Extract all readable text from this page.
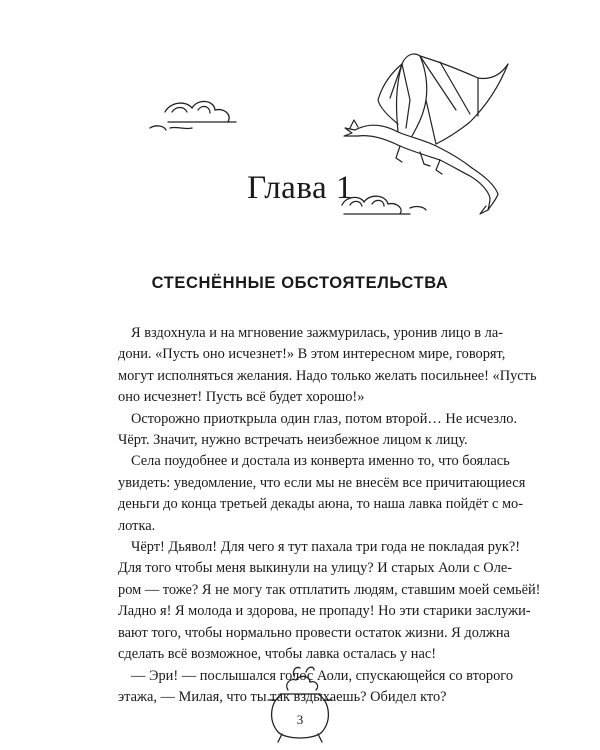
Глава 1
СТЕСНЁННЫЕ ОБСТОЯТЕЛЬСТВА

Я вздохнула и на мгновение зажмурилась, уронив лицо в ла-
дони. «Пусть оно исчезнет!» В этом интересном мире, говорят,
могут исполняться желания. Надо только желать посильнее! «Пусть
оно исчезнет! Пусть всё будет хорошо!»

Осторожно приоткрыла один глаз, потом второй… Не исчезло.
Чёрт. Значит, нужно встречать неизбежное лицом к лицу.

Села поудобнее и достала из конверта именно то, что боялась
увидеть: уведомление, что если мы не внесём все причитающиеся
деньги до конца третьей декады аюна, то наша лавка пойдёт с мо-
лотка.

Чёрт! Дьявол! Для чего я тут пахала три года не покладая рук?!
Для того чтобы меня выкинули на улицу? И старых Аоли с Оле-
ром — тоже? Я не могу так отплатить людям, ставшим моей семьёй!
Ладно я! Я молода и здорова, не пропаду! Но эти старики заслужи-
вают того, чтобы нормально провести остаток жизни. Я должна
сделать всё возможное, чтобы лавка осталась у нас!

— Эри! — послышался голос Аоли, спускающейся со второго
этажа, — Милая, что ты так вздыхаешь? Обидел кто?

3
